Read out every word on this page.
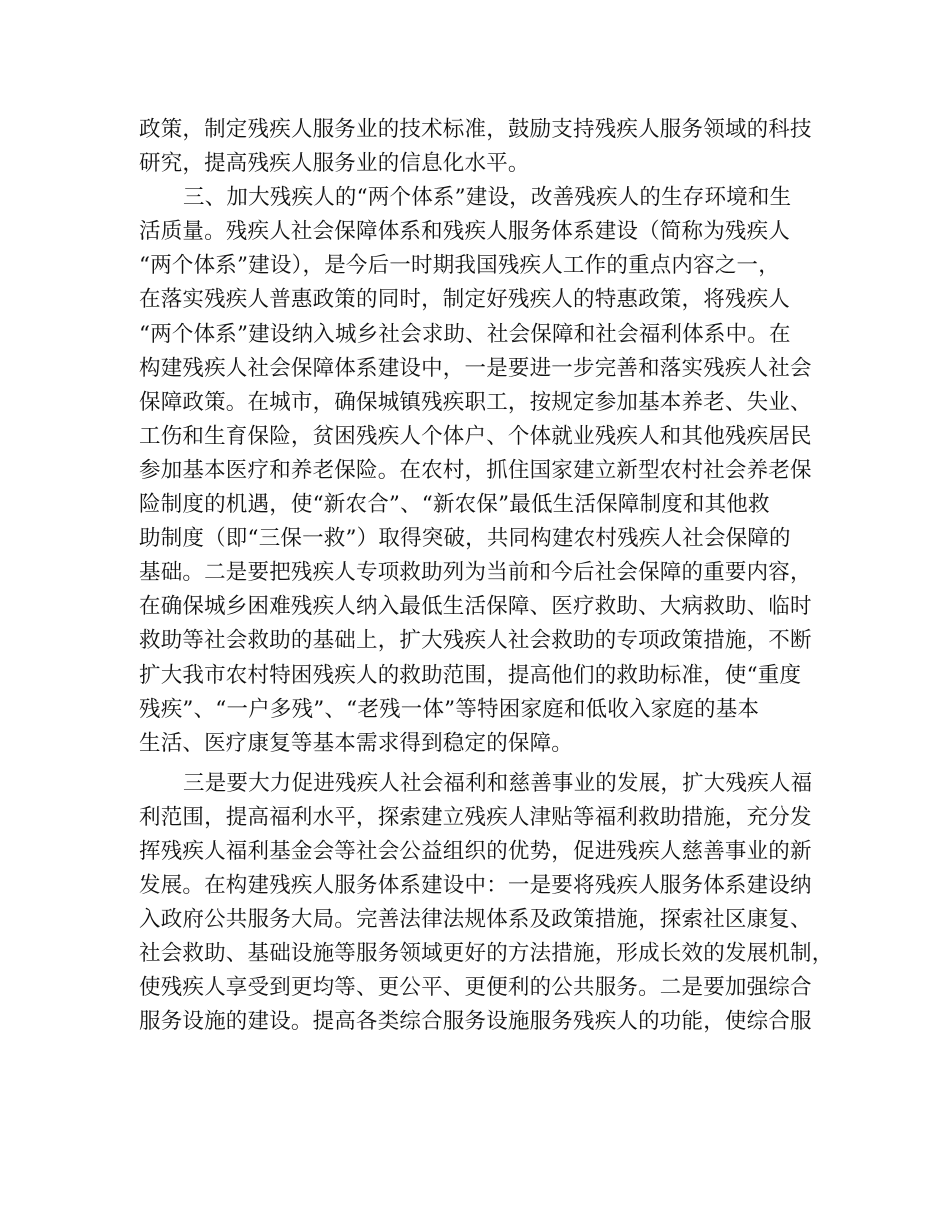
政策，制定残疾人服务业的技术标准，鼓励支持残疾人服务领域的科技
研究，提高残疾人服务业的信息化水平。
三、加大残疾人的“两个体系”建设，改善残疾人的生存环境和生
活质量。残疾人社会保障体系和残疾人服务体系建设（简称为残疾人
“两个体系”建设），是今后一时期我国残疾人工作的重点内容之一，
在落实残疾人普惠政策的同时，制定好残疾人的特惠政策，将残疾人
“两个体系”建设纳入城乡社会求助、社会保障和社会福利体系中。在
构建残疾人社会保障体系建设中，一是要进一步完善和落实残疾人社会
保障政策。在城市，确保城镇残疾职工，按规定参加基本养老、失业、
工伤和生育保险，贫困残疾人个体户、个体就业残疾人和其他残疾居民
参加基本医疗和养老保险。在农村，抓住国家建立新型农村社会养老保
险制度的机遇，使“新农合”、“新农保”最低生活保障制度和其他救
助制度（即“三保一救”）取得突破，共同构建农村残疾人社会保障的
基础。二是要把残疾人专项救助列为当前和今后社会保障的重要内容，
在确保城乡困难残疾人纳入最低生活保障、医疗救助、大病救助、临时
救助等社会救助的基础上，扩大残疾人社会救助的专项政策措施，不断
扩大我市农村特困残疾人的救助范围，提高他们的救助标准，使“重度
残疾”、“一户多残”、“老残一体”等特困家庭和低收入家庭的基本
生活、医疗康复等基本需求得到稳定的保障。
三是要大力促进残疾人社会福利和慈善事业的发展，扩大残疾人福
利范围，提高福利水平，探索建立残疾人津贴等福利救助措施，充分发
挥残疾人福利基金会等社会公益组织的优势，促进残疾人慈善事业的新
发展。在构建残疾人服务体系建设中：一是要将残疾人服务体系建设纳
入政府公共服务大局。完善法律法规体系及政策措施，探索社区康复、
社会救助、基础设施等服务领域更好的方法措施，形成长效的发展机制，
使残疾人享受到更均等、更公平、更便利的公共服务。二是要加强综合
服务设施的建设。提高各类综合服务设施服务残疾人的功能，使综合服
